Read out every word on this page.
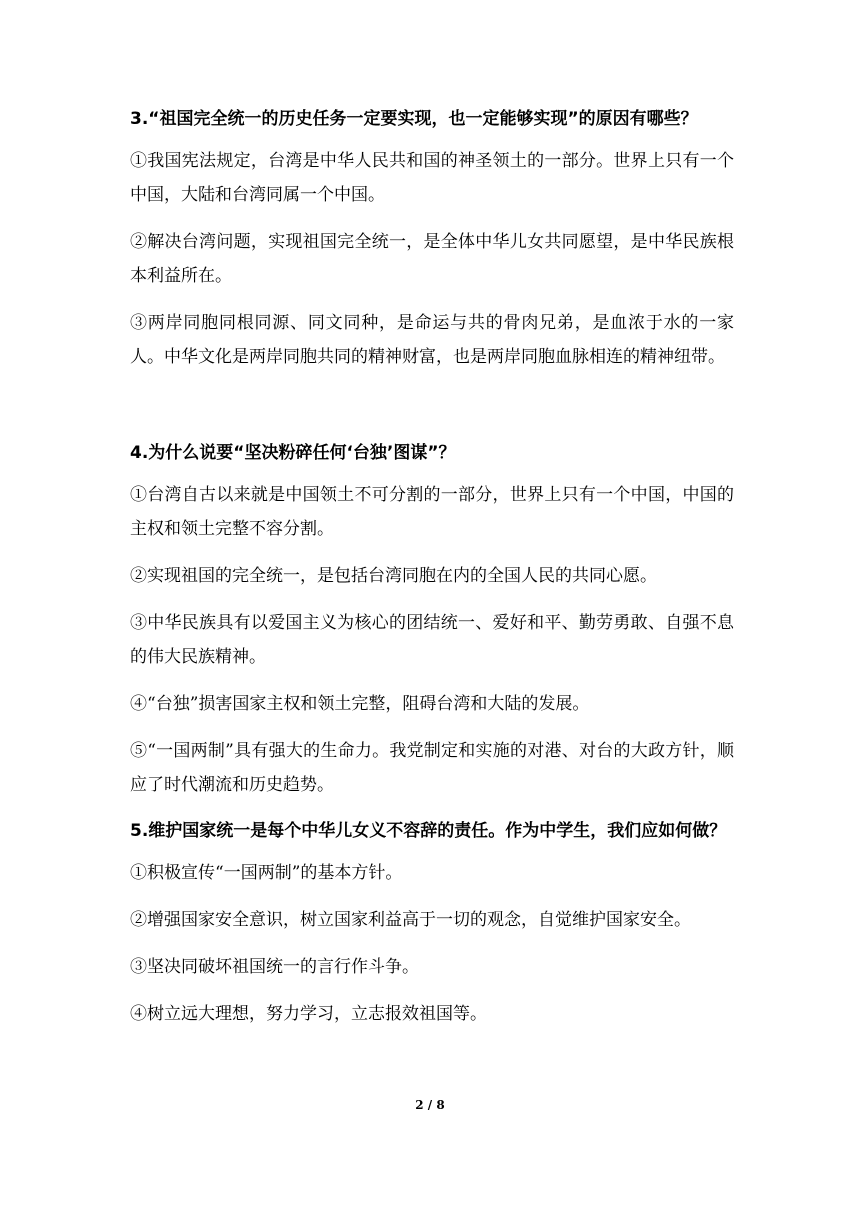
3.“祖国完全统一的历史任务一定要实现，也一定能够实现”的原因有哪些？

①我国宪法规定，台湾是中华人民共和国的神圣领土的一部分。世界上只有一个中国，大陆和台湾同属一个中国。

②解决台湾问题，实现祖国完全统一，是全体中华儿女共同愿望，是中华民族根本利益所在。

③两岸同胞同根同源、同文同种，是命运与共的骨肉兄弟，是血浓于水的一家人。中华文化是两岸同胞共同的精神财富，也是两岸同胞血脉相连的精神纽带。

4.为什么说要“坚决粉碎任何‘台独’图谋”？

①台湾自古以来就是中国领土不可分割的一部分，世界上只有一个中国，中国的主权和领土完整不容分割。

②实现祖国的完全统一，是包括台湾同胞在内的全国人民的共同心愿。

③中华民族具有以爱国主义为核心的团结统一、爱好和平、勤劳勇敢、自强不息的伟大民族精神。

④“台独”损害国家主权和领土完整，阻碍台湾和大陆的发展。

⑤“一国两制”具有强大的生命力。我党制定和实施的对港、对台的大政方针，顺应了时代潮流和历史趋势。

5.维护国家统一是每个中华儿女义不容辞的责任。作为中学生，我们应如何做？

①积极宣传“一国两制”的基本方针。

②增强国家安全意识，树立国家利益高于一切的观念，自觉维护国家安全。

③坚决同破坏祖国统一的言行作斗争。

④树立远大理想，努力学习，立志报效祖国等。

2 / 8
